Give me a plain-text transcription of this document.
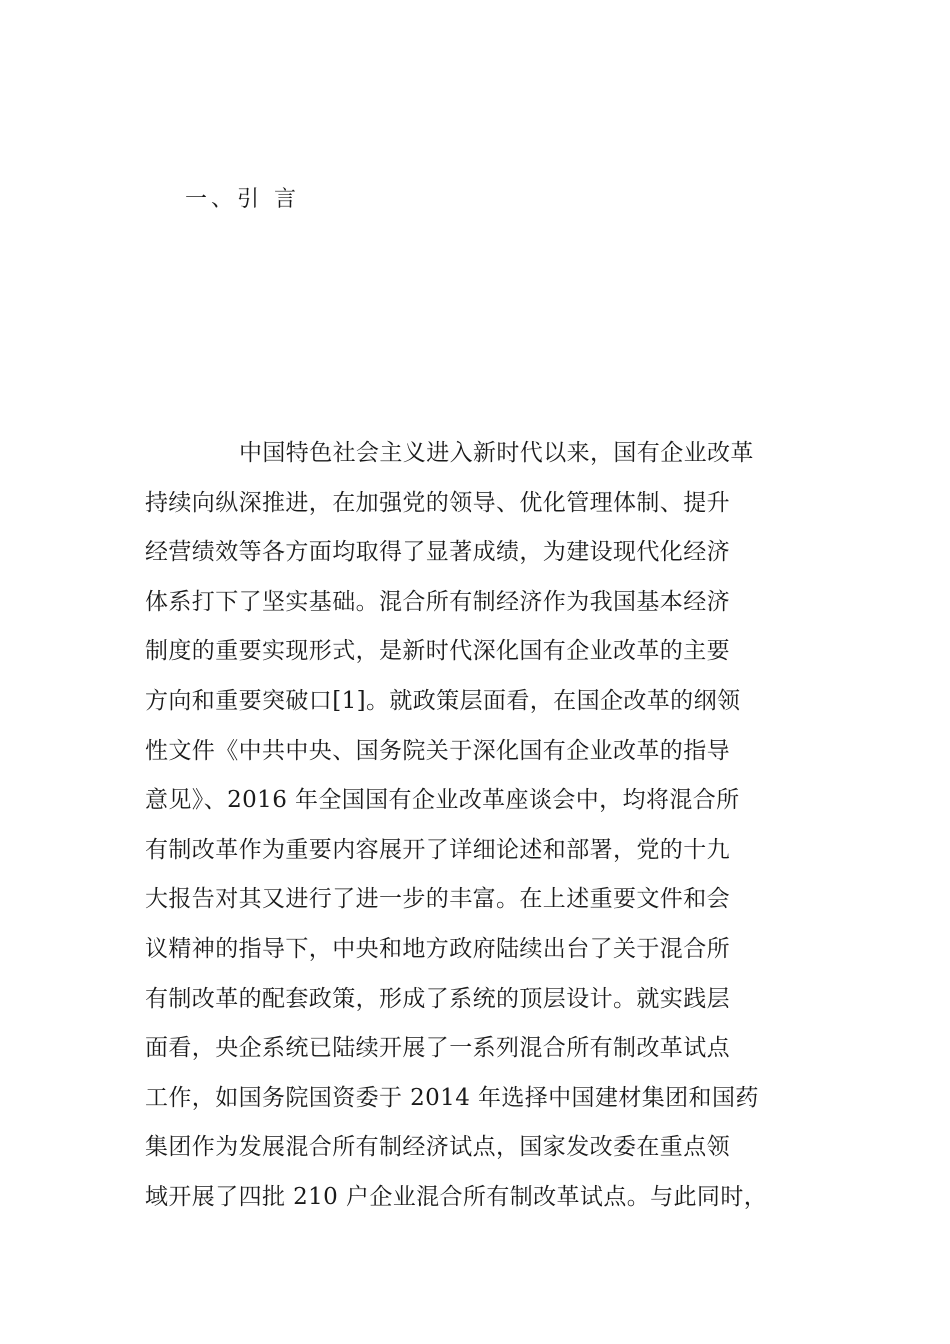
一、引 言
中国特色社会主义进入新时代以来，国有企业改革
持续向纵深推进，在加强党的领导、优化管理体制、提升
经营绩效等各方面均取得了显著成绩，为建设现代化经济
体系打下了坚实基础。混合所有制经济作为我国基本经济
制度的重要实现形式，是新时代深化国有企业改革的主要
方向和重要突破口[1]。就政策层面看，在国企改革的纲领
性文件《中共中央、国务院关于深化国有企业改革的指导
意见》、2016 年全国国有企业改革座谈会中，均将混合所
有制改革作为重要内容展开了详细论述和部署，党的十九
大报告对其又进行了进一步的丰富。在上述重要文件和会
议精神的指导下，中央和地方政府陆续出台了关于混合所
有制改革的配套政策，形成了系统的顶层设计。就实践层
面看，央企系统已陆续开展了一系列混合所有制改革试点
工作，如国务院国资委于 2014 年选择中国建材集团和国药
集团作为发展混合所有制经济试点，国家发改委在重点领
域开展了四批 210 户企业混合所有制改革试点。与此同时，
